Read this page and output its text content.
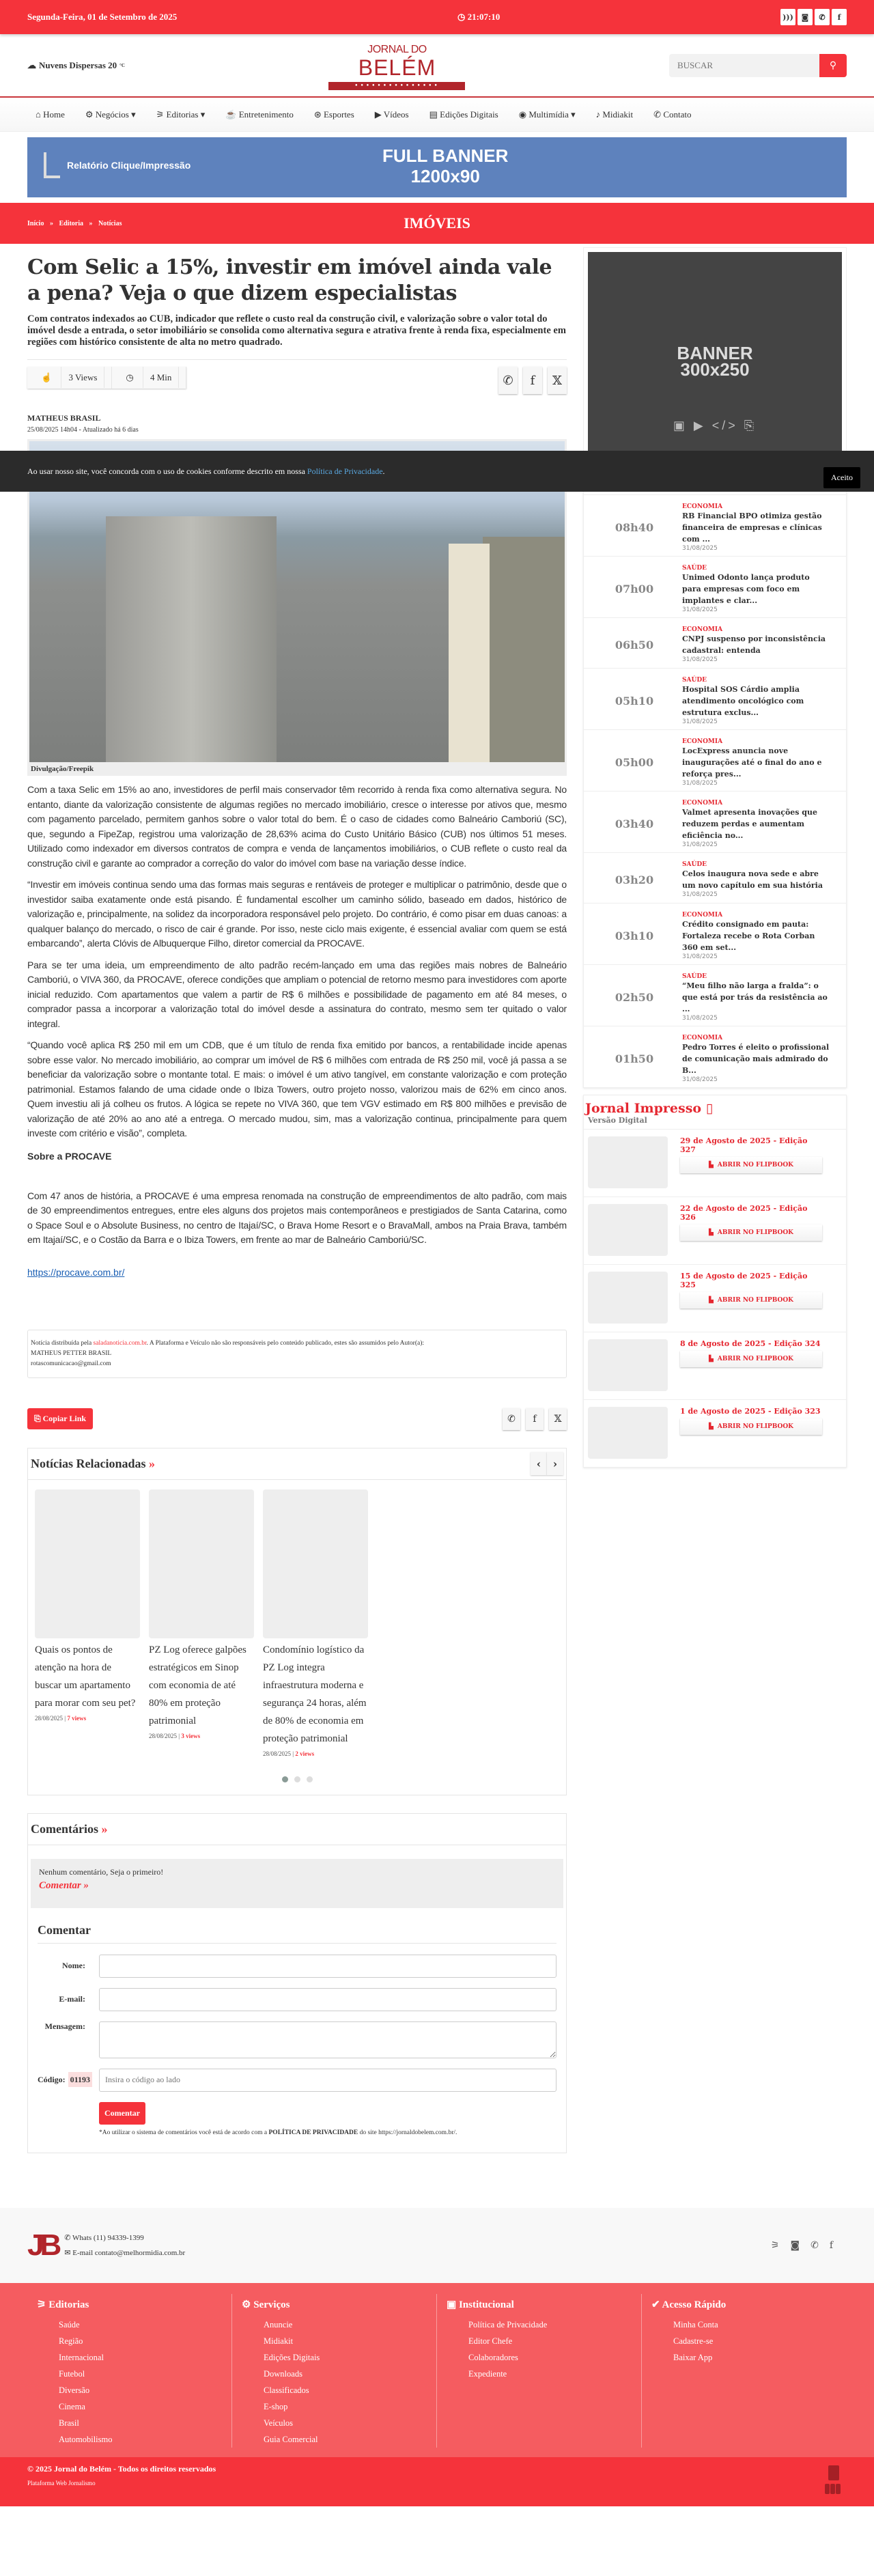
Segunda-Feira, 01 de Setembro de 2025	◷ 21:07:10	)))	◙	✆	f
☁ Nuvens Dispersas 20 °C
JORNAL DO
BELÉM
•••••••••••••••
BUSCAR
⚲
⌂ Home ⚙ Negócios ▾ ⚞ Editorias ▾ ☕ Entretenimento ⊛ Esportes ▶ Vídeos ▤ Edições Digitais ◉ Multimídia ▾ ♪ Midiakit ✆ Contato
Relatório Clique/Impressão	FULL BANNER
1200x90
Início » Editoria » Notícias	IMÓVEIS
Com Selic a 15%, investir em imóvel ainda vale a pena? Veja o que dizem especialistas

Com contratos indexados ao CUB, indicador que reflete o custo real da construção civil, e valorização sobre o valor total do imóvel desde a entrada, o setor imobiliário se consolida como alternativa segura e atrativa frente à renda fixa, especialmente em regiões com histórico consistente de alta no metro quadrado.

☝ 3 Views	◷ 4 Min	✆	f	𝕏
MATHEUS BRASIL
25/08/2025 14h04 - Atualizado há 6 dias
Divulgação/Freepik

Com a taxa Selic em 15% ao ano, investidores de perfil mais conservador têm recorrido à renda fixa como alternativa segura. No entanto, diante da valorização consistente de algumas regiões no mercado imobiliário, cresce o interesse por ativos que, mesmo com pagamento parcelado, permitem ganhos sobre o valor total do bem. É o caso de cidades como Balneário Camboriú (SC), que, segundo a FipeZap, registrou uma valorização de 28,63% acima do Custo Unitário Básico (CUB) nos últimos 51 meses. Utilizado como indexador em diversos contratos de compra e venda de lançamentos imobiliários, o CUB reflete o custo real da construção civil e garante ao comprador a correção do valor do imóvel com base na variação desse índice.

“Investir em imóveis continua sendo uma das formas mais seguras e rentáveis de proteger e multiplicar o patrimônio, desde que o investidor saiba exatamente onde está pisando. É fundamental escolher um caminho sólido, baseado em dados, histórico de valorização e, principalmente, na solidez da incorporadora responsável pelo projeto. Do contrário, é como pisar em duas canoas: a qualquer balanço do mercado, o risco de cair é grande. Por isso, neste ciclo mais exigente, é essencial avaliar com quem se está embarcando”, alerta Clóvis de Albuquerque Filho, diretor comercial da PROCAVE.

Para se ter uma ideia, um empreendimento de alto padrão recém-lançado em uma das regiões mais nobres de Balneário Camboriú, o VIVA 360, da PROCAVE, oferece condições que ampliam o potencial de retorno mesmo para investidores com aporte inicial reduzido. Com apartamentos que valem a partir de R$ 6 milhões e possibilidade de pagamento em até 84 meses, o comprador passa a incorporar a valorização total do imóvel desde a assinatura do contrato, mesmo sem ter quitado o valor integral.

“Quando você aplica R$ 250 mil em um CDB, que é um título de renda fixa emitido por bancos, a rentabilidade incide apenas sobre esse valor. No mercado imobiliário, ao comprar um imóvel de R$ 6 milhões com entrada de R$ 250 mil, você já passa a se beneficiar da valorização sobre o montante total. E mais: o imóvel é um ativo tangível, em constante valorização e com proteção patrimonial. Estamos falando de uma cidade onde o Ibiza Towers, outro projeto nosso, valorizou mais de 62% em cinco anos. Quem investiu ali já colheu os frutos. A lógica se repete no VIVA 360, que tem VGV estimado em R$ 800 milhões e previsão de valorização de até 20% ao ano até a entrega. O mercado mudou, sim, mas a valorização continua, principalmente para quem investe com critério e visão”, completa.

Sobre a PROCAVE

Com 47 anos de história, a PROCAVE é uma empresa renomada na construção de empreendimentos de alto padrão, com mais de 30 empreendimentos entregues, entre eles alguns dos projetos mais contemporâneos e prestigiados de Santa Catarina, como o Space Soul e o Absolute Business, no centro de Itajaí/SC, o Brava Home Resort e o BravaMall, ambos na Praia Brava, também em Itajaí/SC, e o Costão da Barra e o Ibiza Towers, em frente ao mar de Balneário Camboriú/SC.

https://procave.com.br/
Notícia distribuída pela saladanoticia.com.br. A Plataforma e Veículo não são responsáveis pelo conteúdo publicado, estes são assumidos pelo Autor(a):
MATHEUS PETTER BRASIL
rotascomunicacao@gmail.com
⎘ Copiar Link	✆	f	𝕏
Notícias Relacionadas »	‹	›
Quais os pontos de atenção na hora de buscar um apartamento para morar com seu pet?
28/08/2025 | 7 views
PZ Log oferece galpões estratégicos em Sinop com economia de até 80% em proteção patrimonial
28/08/2025 | 3 views
Condomínio logístico da PZ Log integra infraestrutura moderna e segurança 24 horas, além de 80% de economia em proteção patrimonial
28/08/2025 | 2 views
Comentários »
Nenhum comentário, Seja o primeiro!
Comentar »
Comentar
Nome:
E-mail:
Mensagem:
Código: 01193
Insira o código ao lado
Comentar
*Ao utilizar o sistema de comentários você está de acordo com a POLÍTICA DE PRIVACIDADE do site https://jornaldobelem.com.br/.
BANNER
300x250
▣ ▶ </> ⎘
08h40
ECONOMIA
RB Financial BPO otimiza gestão financeira de empresas e clínicas com ...
31/08/2025
07h00
SAÚDE
Unimed Odonto lança produto para empresas com foco em implantes e clar...
31/08/2025
06h50
ECONOMIA
CNPJ suspenso por inconsistência cadastral: entenda
31/08/2025
05h10
SAÚDE
Hospital SOS Cárdio amplia atendimento oncológico com estrutura exclus...
31/08/2025
05h00
ECONOMIA
LocExpress anuncia nove inaugurações até o final do ano e reforça pres...
31/08/2025
03h40
ECONOMIA
Valmet apresenta inovações que reduzem perdas e aumentam eficiência no...
31/08/2025
03h20
SAÚDE
Celos inaugura nova sede e abre um novo capítulo em sua história
31/08/2025
03h10
ECONOMIA
Crédito consignado em pauta: Fortaleza recebe o Rota Corban 360 em set...
31/08/2025
02h50
SAÚDE
“Meu filho não larga a fralda”: o que está por trás da resistência ao ...
31/08/2025
01h50
ECONOMIA
Pedro Torres é eleito o profissional de comunicação mais admirado do B...
31/08/2025
Jornal Impresso ▯
Versão Digital
29 de Agosto de 2025 - Edição 327
▙ ABRIR NO FLIPBOOK
22 de Agosto de 2025 - Edição 326
▙ ABRIR NO FLIPBOOK
15 de Agosto de 2025 - Edição 325
▙ ABRIR NO FLIPBOOK
8 de Agosto de 2025 - Edição 324
▙ ABRIR NO FLIPBOOK
1 de Agosto de 2025 - Edição 323
▙ ABRIR NO FLIPBOOK
Ao usar nosso site, você concorda com o uso de cookies conforme descrito em nossa Política de Privacidade.
Aceito
JB ✆ Whats (11) 94339-1399
✉ E-mail contato@melhormidia.com.br
⚞ ◙ ✆ f
⚞ Editorias
Saúde
Região
Internacional
Futebol
Diversão
Cinema
Brasil
Automobilismo
⚙ Serviços
Anuncie
Midiakit
Edições Digitais
Downloads
Classificados
E-shop
Veículos
Guia Comercial
▣ Institucional
Política de Privacidade
Editor Chefe
Colaboradores
Expediente
✔ Acesso Rápido
Minha Conta
Cadastre-se
Baixar App
© 2025 Jornal do Belém - Todos os direitos reservados
Plataforma Web Jornalismo
